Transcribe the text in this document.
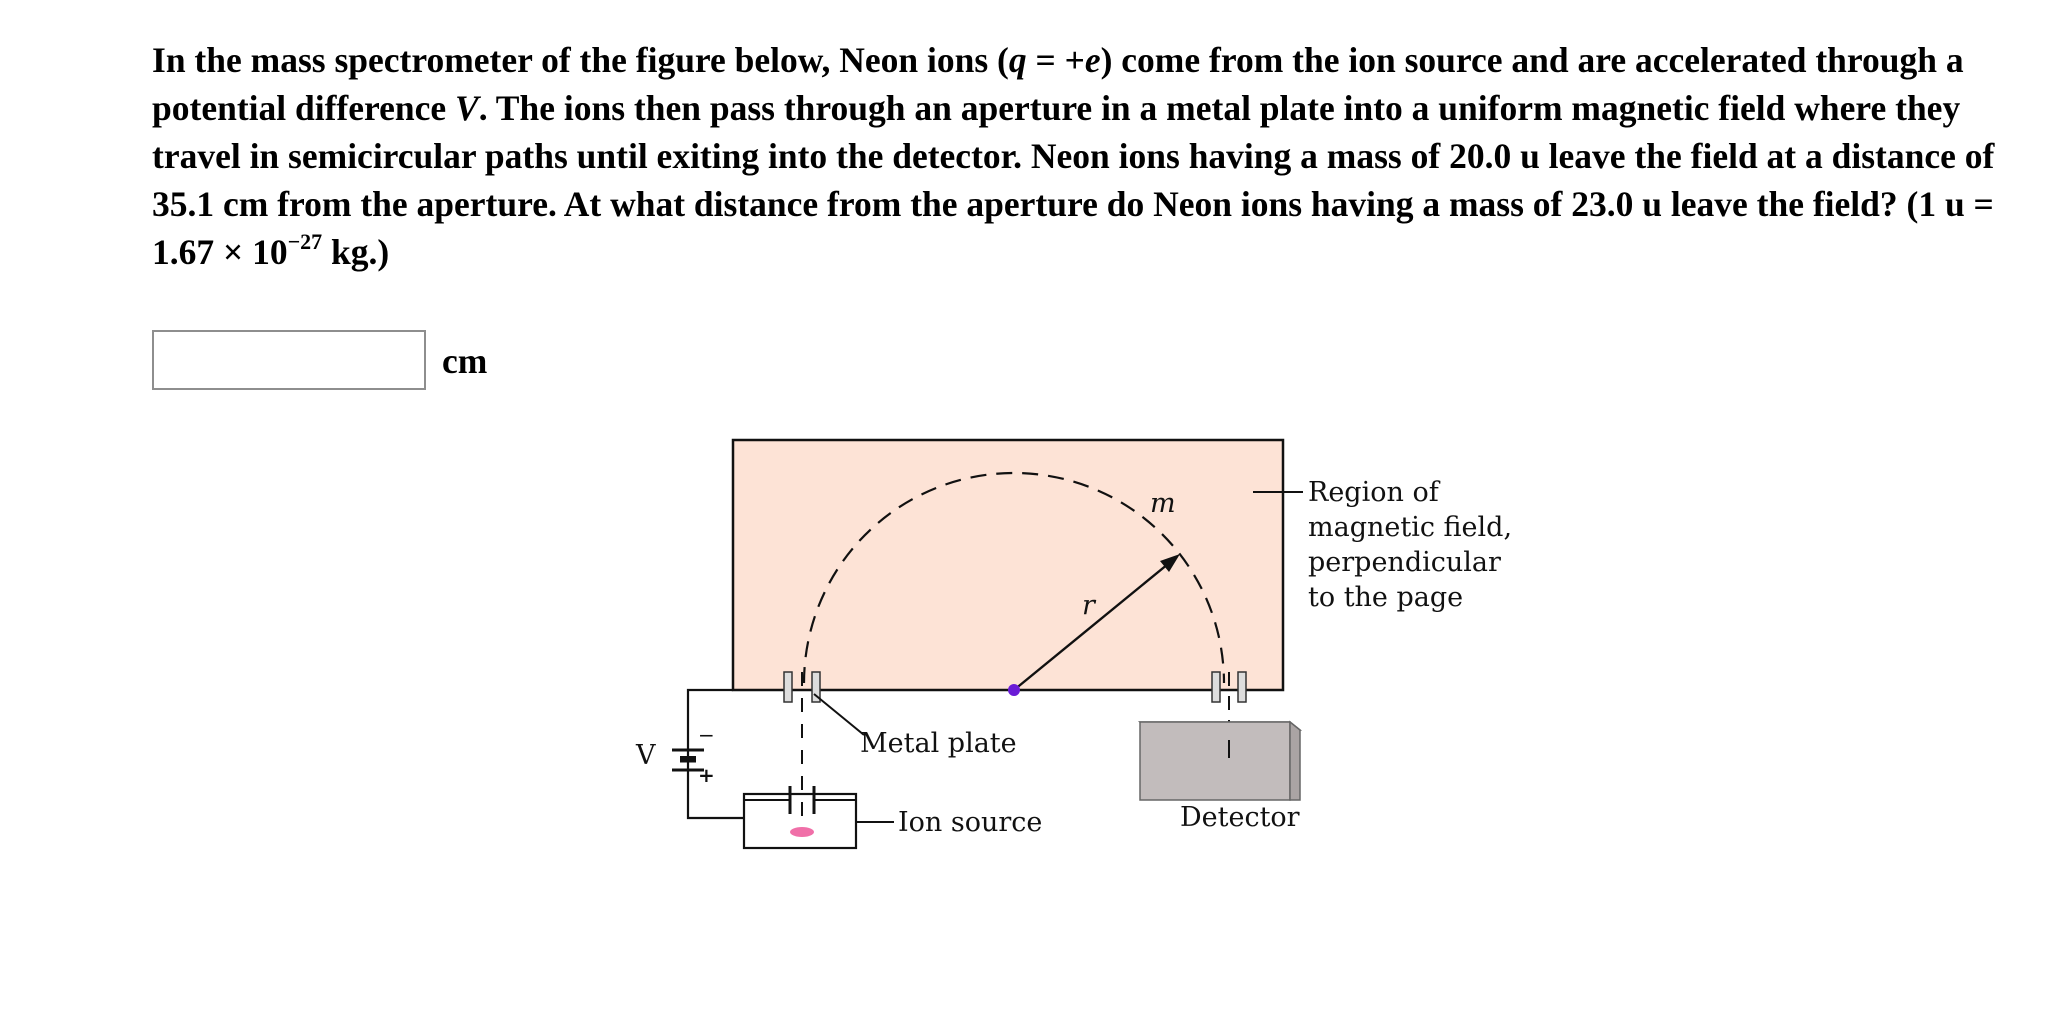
In the mass spectrometer of the figure below, Neon ions (q = +e) come from the ion source and are accelerated through a potential difference V. The ions then pass through an aperture in a metal plate into a uniform magnetic field where they travel in semicircular paths until exiting into the detector. Neon ions having a mass of 20.0 u leave the field at a distance of 35.1 cm from the aperture. At what distance from the aperture do Neon ions having a mass of 23.0 u leave the field? (1 $u = 1.67 \times 10^{-27}$ kg.)

cm
m
r
V
−
+
Metal plate
Ion source	Detector
Region of
magnetic field,
perpendicular
to the page
